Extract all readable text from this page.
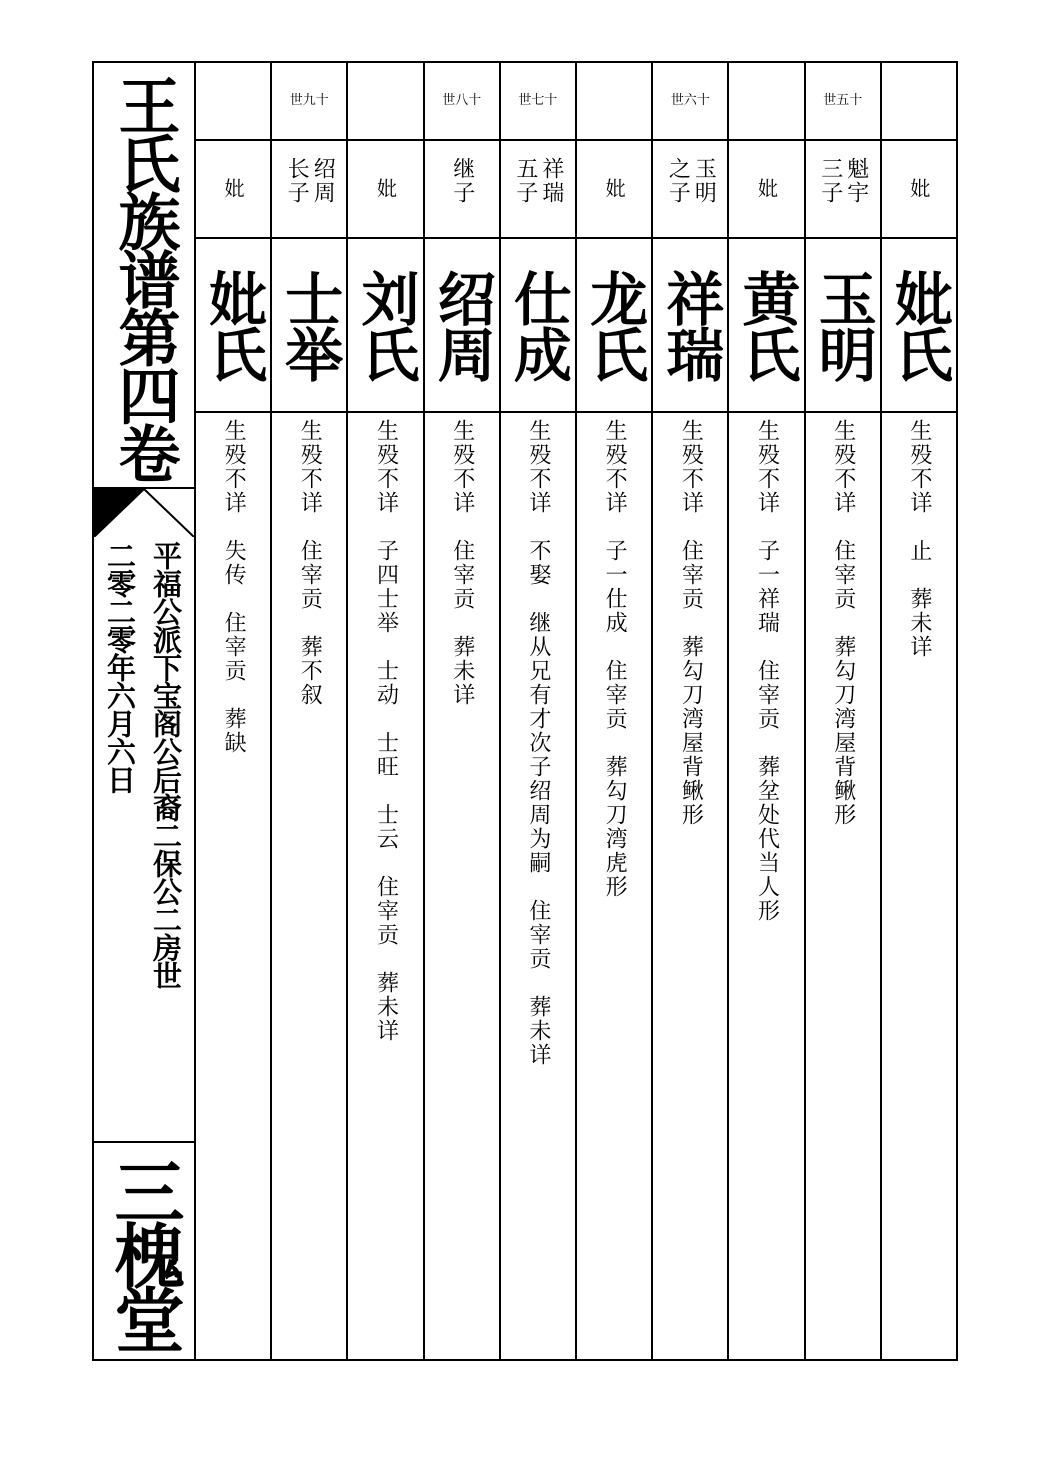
王氏族谱第四卷
平福公派下宝阁公后裔二保公二房世
二零二零年六月六日
三槐堂
妣
妣氏
生殁不详　失传　住宰贡　葬缺
世九十
绍周
长子
士举
生殁不详　住宰贡　葬不叙
妣
刘氏
生殁不详　子四士举　士动　士旺　士云　住宰贡　葬未详
世八十
继子
绍周
生殁不详　住宰贡　葬未详
世七十
祥瑞
五子
仕成
生殁不详　不娶　继从兄有才次子绍周为嗣　住宰贡　葬未详
妣
龙氏
生殁不详　子一仕成　住宰贡　葬勾刀湾虎形
世六十
玉明
之子
祥瑞
生殁不详　住宰贡　葬勾刀湾屋背鳅形
妣
黄氏
生殁不详　子一祥瑞　住宰贡　葬坌处代当人形
世五十
魁宇
三子
玉明
生殁不详　住宰贡　葬勾刀湾屋背鳅形
妣
妣氏
生殁不详　止　葬未详
